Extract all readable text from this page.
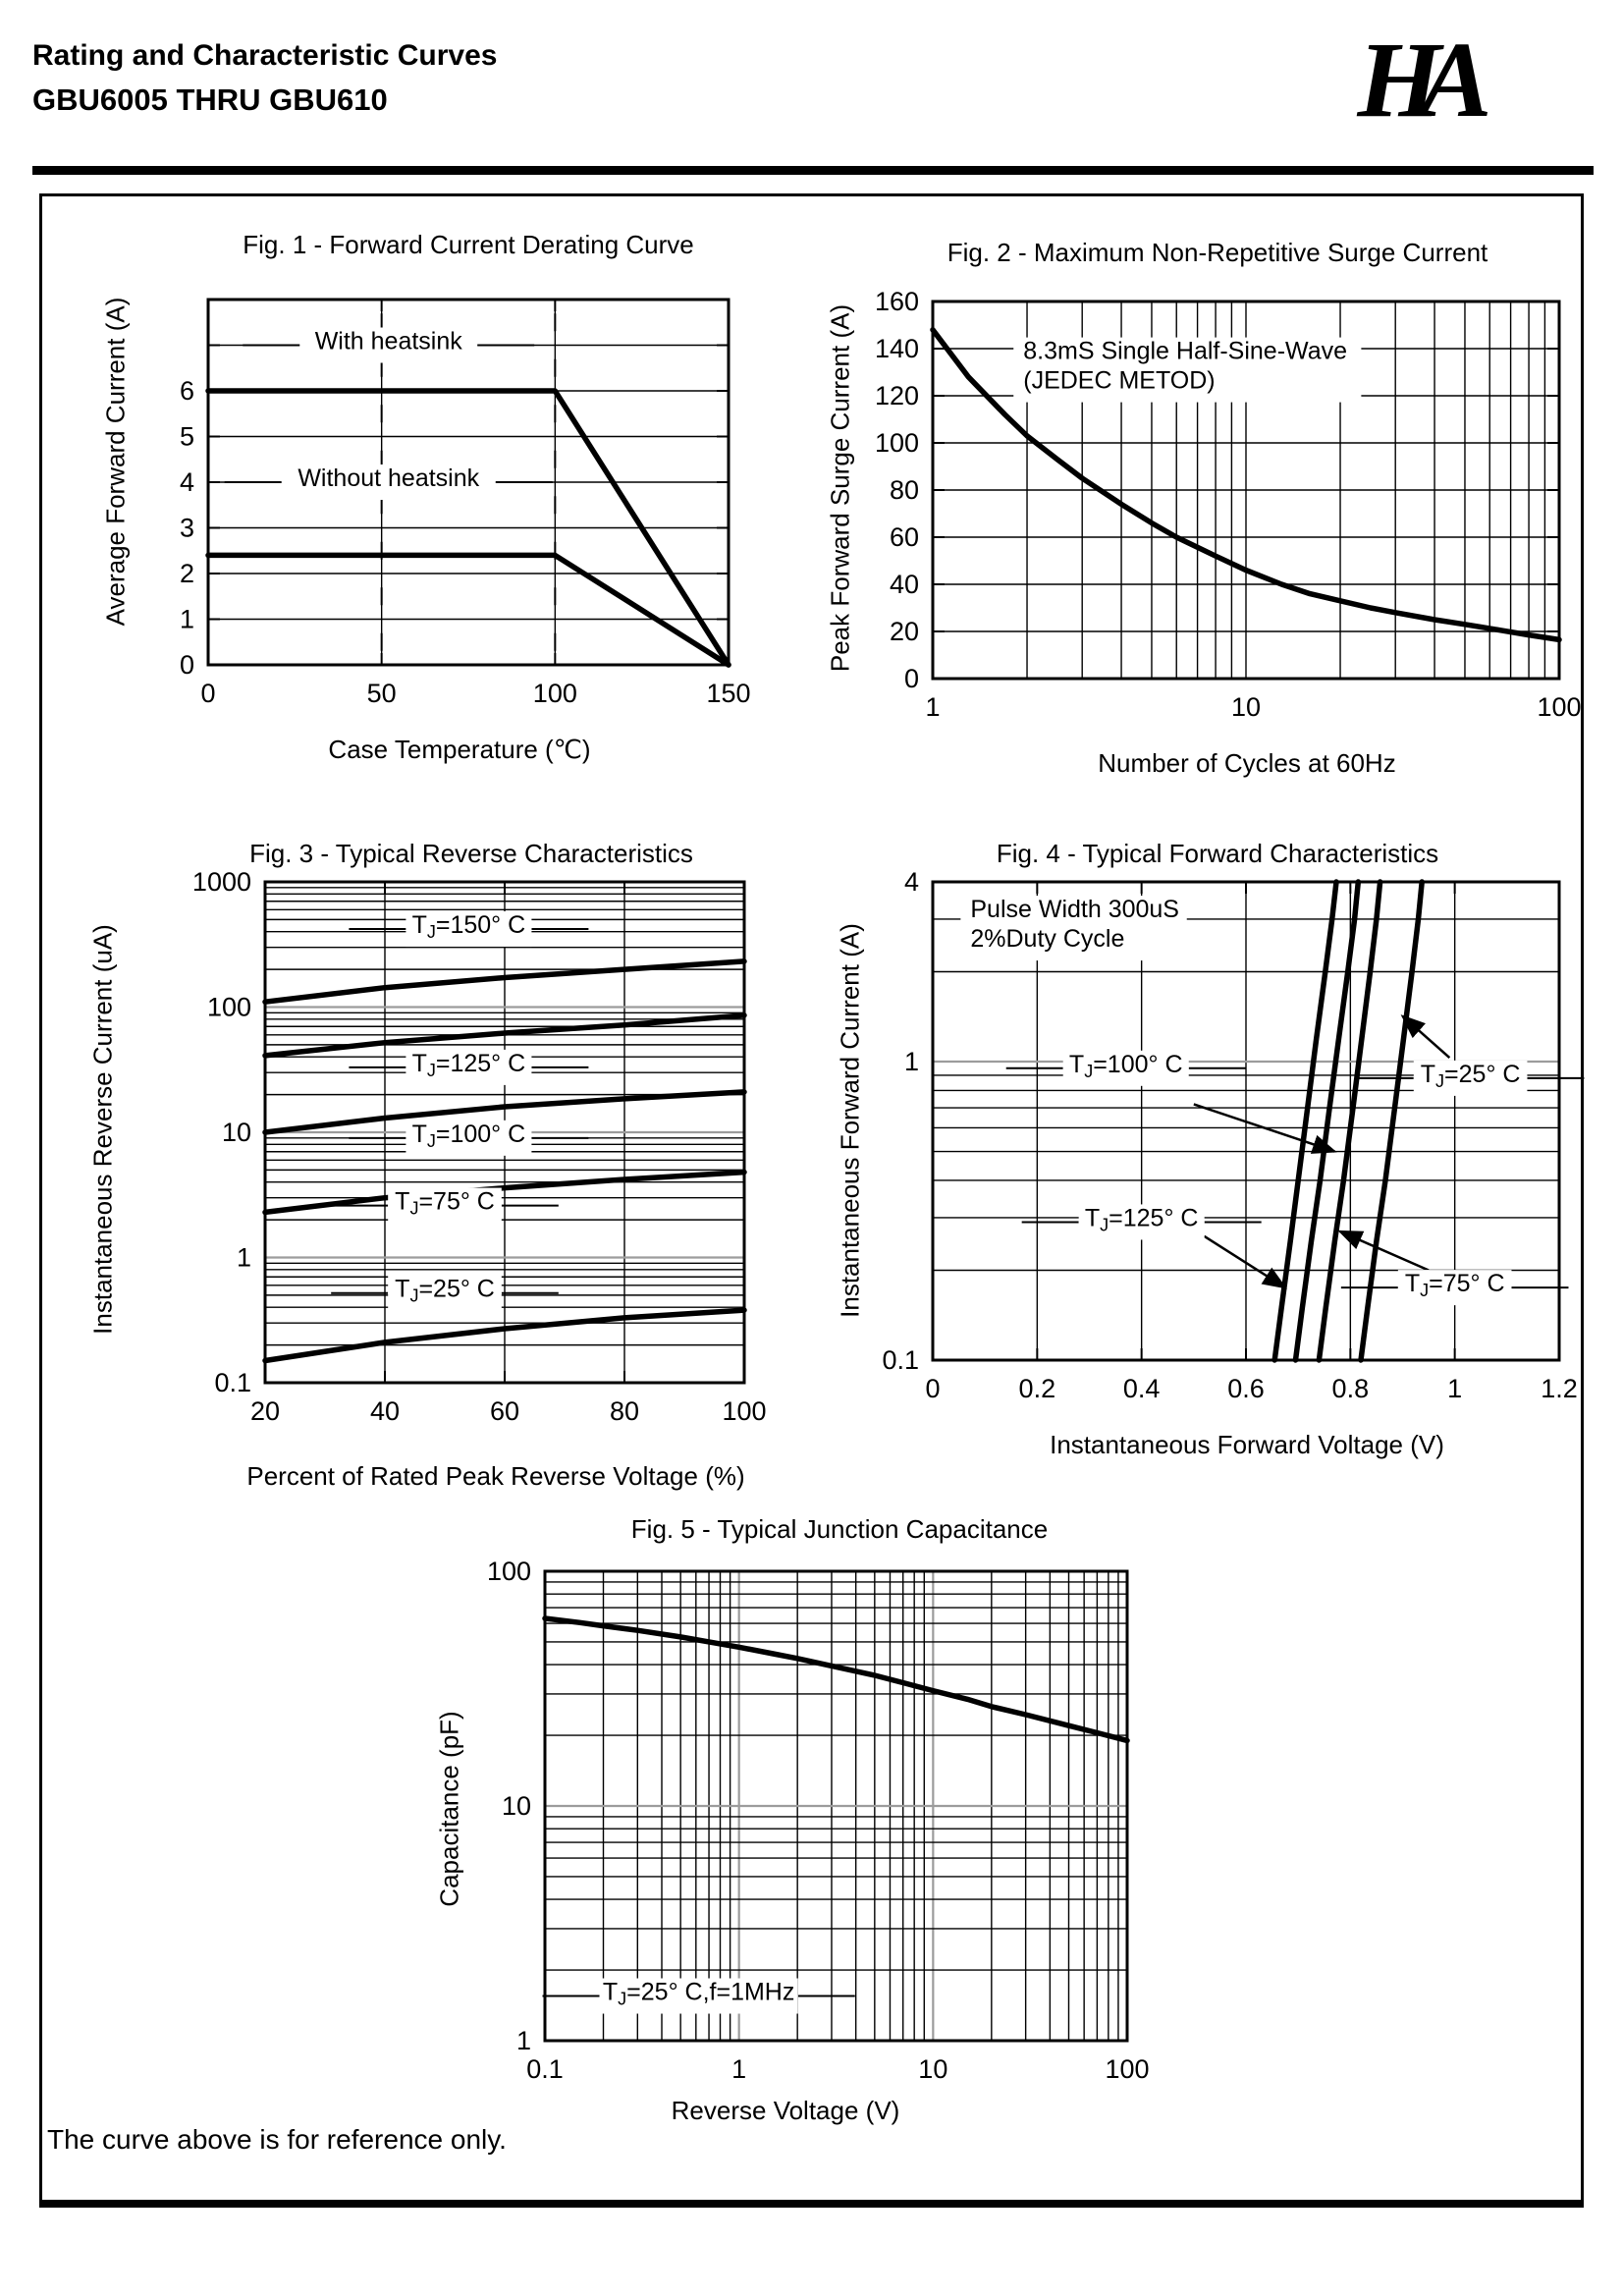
Rating and Characteristic Curves
GBU6005 THRU GBU610	HA
Fig. 1 - Forward Current Derating Curve	Fig. 2 - Maximum Non-Repetitive Surge Current
Fig. 3 - Typical Reverse Characteristics	Fig. 4 - Typical Forward Characteristics
Fig. 5 - Typical Junction Capacitance
Case Temperature (℃)	Number of Cycles at 60Hz
Percent of Rated Peak Reverse Voltage (%)
Instantaneous Forward Voltage (V)
Reverse Voltage (V)
Average Forward Current (A)	Peak Forward Surge Current (A)
Instantaneous Reverse Current (uA)	Instantaneous Forward Current (A)
Capacitance (pF)
With heatsink
Without heatsink
0	50	100	150
0
1
2
3
4
5
6
8.3mS Single Half-Sine-Wave
(JEDEC METOD)
1	10	100
0
20
40
60
80
100
120
140
160
$T_J=150^\circ$ C
$T_J=125^\circ$ C
$T_J=100^\circ$ C
$T_J=75^\circ$ C
$T_J=25^\circ$ C
20	40	60	80	100
1000
100
10
1
0.1
Pulse Width 300uS
2%Duty Cycle
$T_J=100^\circ$ C	$T_J=25^\circ$ C
$T_J=125^\circ$ C
$T_J=75^\circ$ C
0	0.2	0.4	0.6	0.8	1	1.2
4
1
0.1
$T_J=25^\circ$ C,f=1MHz
0.1	1	10	100
100
10
1
The curve above is for reference only.
